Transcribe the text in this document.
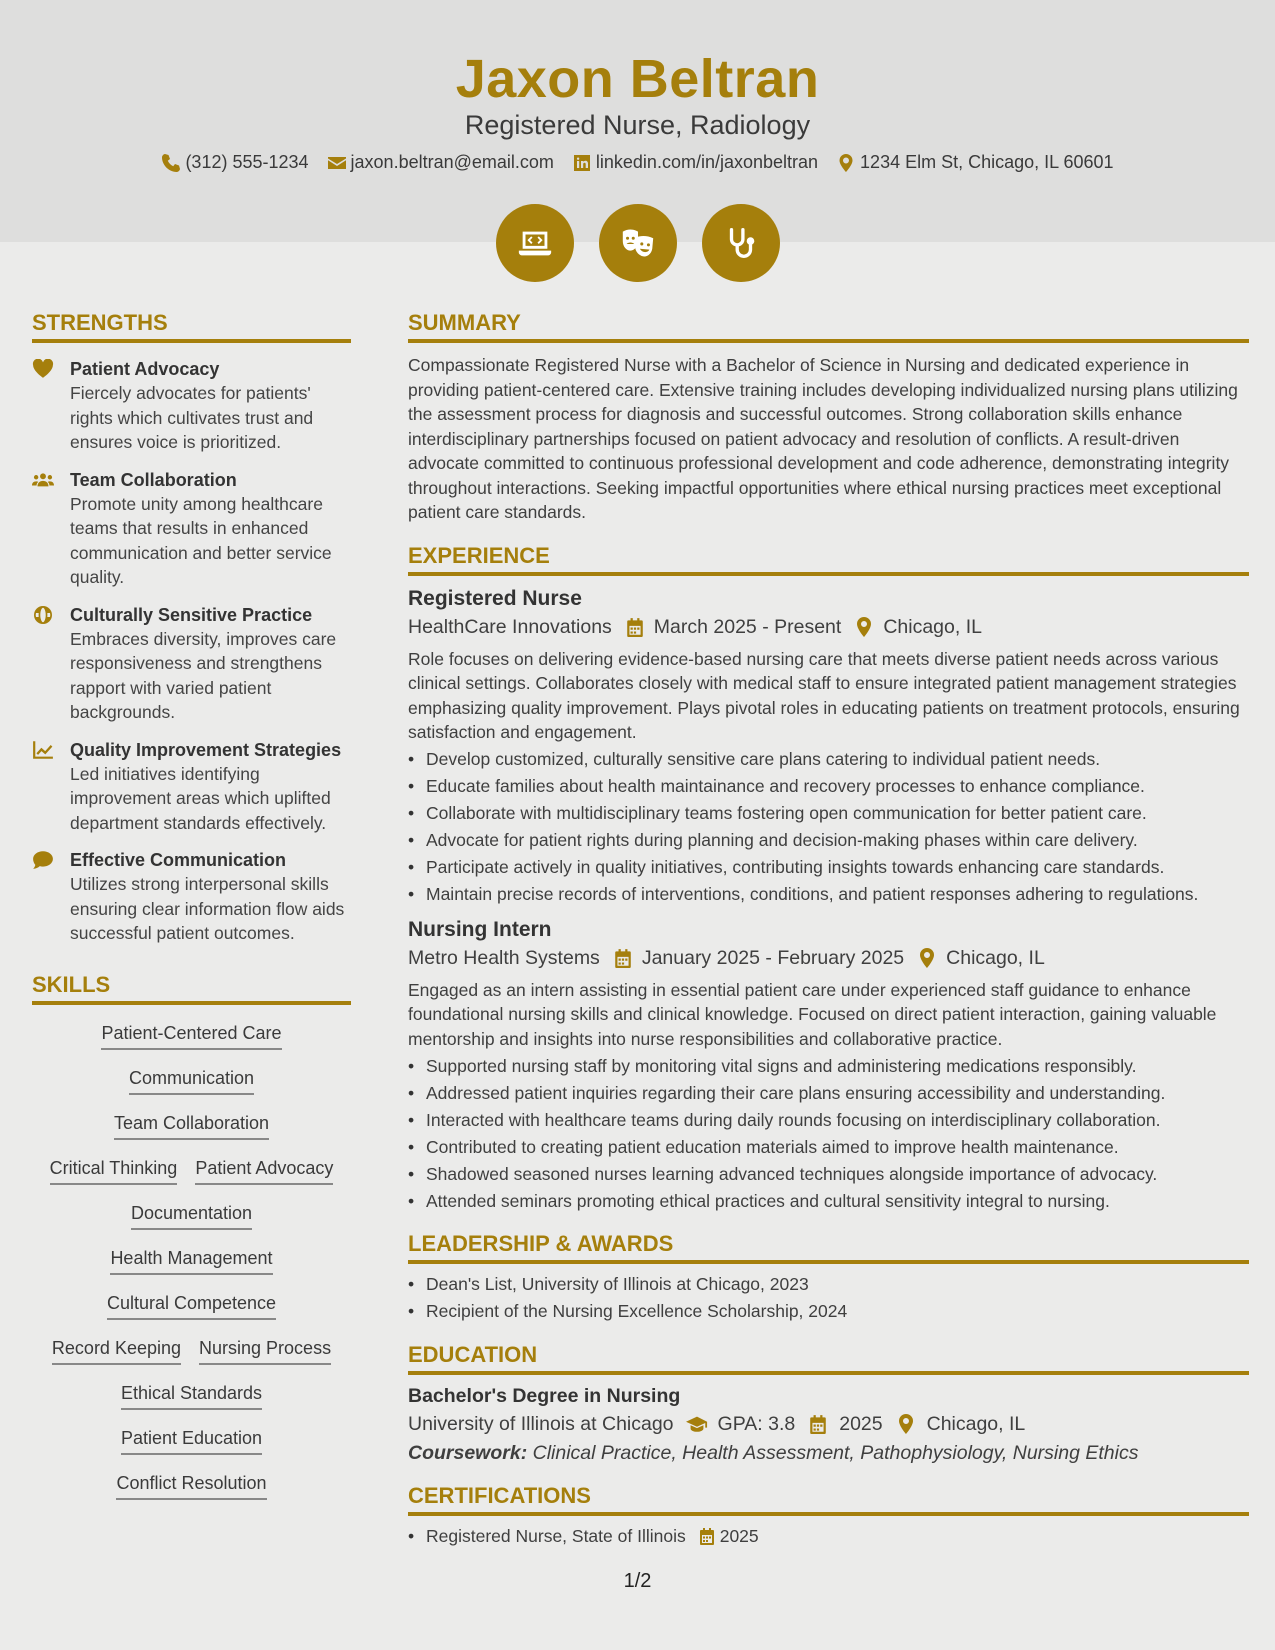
Jaxon Beltran
Registered Nurse, Radiology
(312) 555-1234 jaxon.beltran@email.com linkedin.com/in/jaxonbeltran 1234 Elm St, Chicago, IL 60601
STRENGTHS
Patient Advocacy
Fiercely advocates for patients' rights which cultivates trust and ensures voice is prioritized.
Team Collaboration
Promote unity among healthcare teams that results in enhanced communication and better service quality.
Culturally Sensitive Practice
Embraces diversity, improves care responsiveness and strengthens rapport with varied patient backgrounds.
Quality Improvement Strategies
Led initiatives identifying improvement areas which uplifted department standards effectively.
Effective Communication
Utilizes strong interpersonal skills ensuring clear information flow aids successful patient outcomes.
SKILLS
Patient-Centered Care
Communication
Team Collaboration
Critical Thinking Patient Advocacy
Documentation
Health Management
Cultural Competence
Record Keeping Nursing Process
Ethical Standards
Patient Education
Conflict Resolution
SUMMARY
Compassionate Registered Nurse with a Bachelor of Science in Nursing and dedicated experience in providing patient-centered care. Extensive training includes developing individualized nursing plans utilizing the assessment process for diagnosis and successful outcomes. Strong collaboration skills enhance interdisciplinary partnerships focused on patient advocacy and resolution of conflicts. A result-driven advocate committed to continuous professional development and code adherence, demonstrating integrity throughout interactions. Seeking impactful opportunities where ethical nursing practices meet exceptional patient care standards.
EXPERIENCE
Registered Nurse
HealthCare Innovations March 2025 - Present Chicago, IL
Role focuses on delivering evidence-based nursing care that meets diverse patient needs across various clinical settings. Collaborates closely with medical staff to ensure integrated patient management strategies emphasizing quality improvement. Plays pivotal roles in educating patients on treatment protocols, ensuring satisfaction and engagement.
• Develop customized, culturally sensitive care plans catering to individual patient needs.
• Educate families about health maintainance and recovery processes to enhance compliance.
• Collaborate with multidisciplinary teams fostering open communication for better patient care.
• Advocate for patient rights during planning and decision-making phases within care delivery.
• Participate actively in quality initiatives, contributing insights towards enhancing care standards.
• Maintain precise records of interventions, conditions, and patient responses adhering to regulations.
Nursing Intern
Metro Health Systems January 2025 - February 2025 Chicago, IL
Engaged as an intern assisting in essential patient care under experienced staff guidance to enhance foundational nursing skills and clinical knowledge. Focused on direct patient interaction, gaining valuable mentorship and insights into nurse responsibilities and collaborative practice.
• Supported nursing staff by monitoring vital signs and administering medications responsibly.
• Addressed patient inquiries regarding their care plans ensuring accessibility and understanding.
• Interacted with healthcare teams during daily rounds focusing on interdisciplinary collaboration.
• Contributed to creating patient education materials aimed to improve health maintenance.
• Shadowed seasoned nurses learning advanced techniques alongside importance of advocacy.
• Attended seminars promoting ethical practices and cultural sensitivity integral to nursing.
LEADERSHIP & AWARDS
• Dean's List, University of Illinois at Chicago, 2023
• Recipient of the Nursing Excellence Scholarship, 2024
EDUCATION
Bachelor's Degree in Nursing
University of Illinois at Chicago GPA: 3.8 2025 Chicago, IL
Coursework: Clinical Practice, Health Assessment, Pathophysiology, Nursing Ethics
CERTIFICATIONS
• Registered Nurse, State of Illinois 2025
1/2
